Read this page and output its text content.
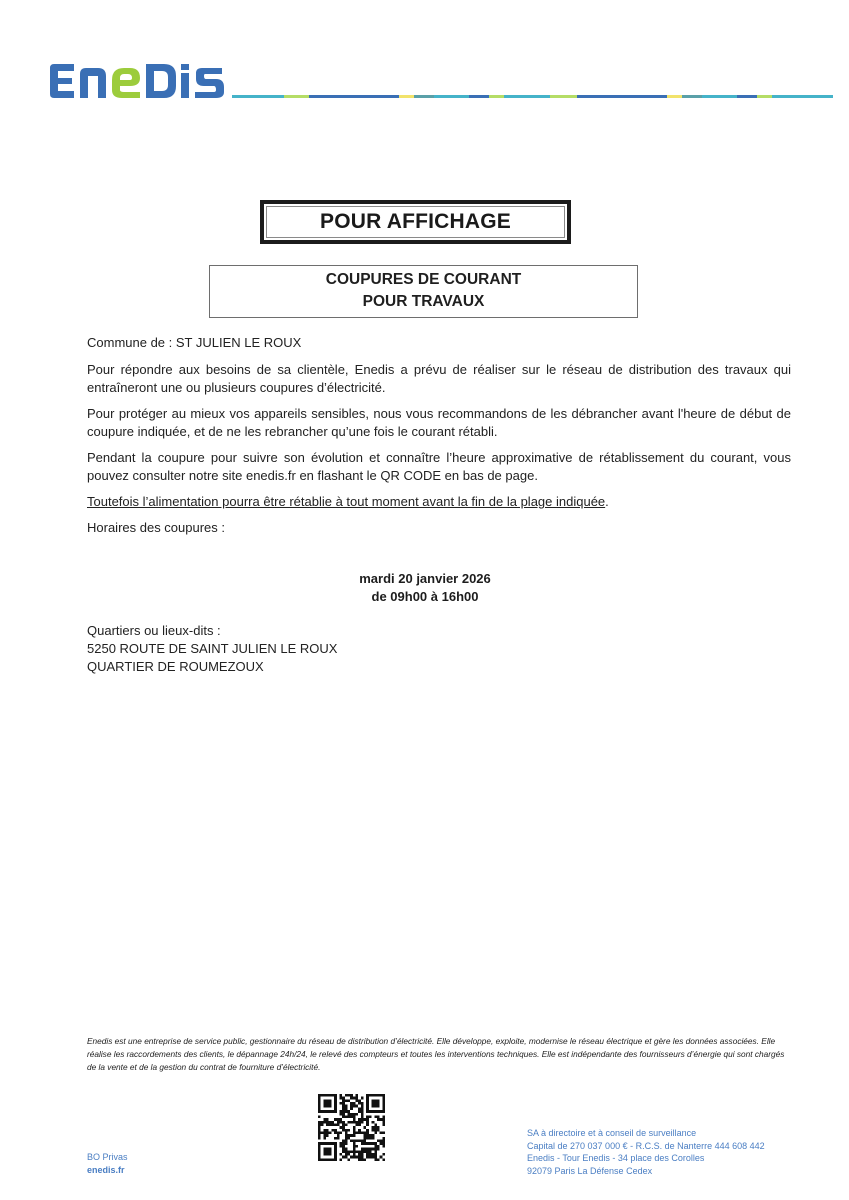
POUR AFFICHAGE
COUPURES DE COURANT
POUR TRAVAUX

Commune de : ST JULIEN LE ROUX

Pour répondre aux besoins de sa clientèle, Enedis a prévu de réaliser sur le réseau de distribution des travaux qui entraîneront une ou plusieurs coupures d’électricité.

Pour protéger au mieux vos appareils sensibles, nous vous recommandons de les débrancher avant l'heure de début de coupure indiquée, et de ne les rebrancher qu’une fois le courant rétabli.

Pendant la coupure pour suivre son évolution et connaître l’heure approximative de rétablissement du courant, vous pouvez consulter notre site enedis.fr en flashant le QR CODE en bas de page.

Toutefois l’alimentation pourra être rétablie à tout moment avant la fin de la plage indiquée.

Horaires des coupures :

mardi 20 janvier 2026
de 09h00 à 16h00
Quartiers ou lieux-dits :
5250 ROUTE DE SAINT JULIEN LE ROUX
QUARTIER DE ROUMEZOUX
Enedis est une entreprise de service public, gestionnaire du réseau de distribution d’électricité. Elle développe, exploite, modernise le réseau électrique et gère les données associées. Elle réalise les raccordements des clients, le dépannage 24h/24, le relevé des compteurs et toutes les interventions techniques. Elle est indépendante des fournisseurs d’énergie qui sont chargés de la vente et de la gestion du contrat de fourniture d’électricité.
BO Privas
enedis.fr
SA à directoire et à conseil de surveillance
Capital de 270 037 000 € - R.C.S. de Nanterre 444 608 442
Enedis - Tour Enedis - 34 place des Corolles
92079 Paris La Défense Cedex
